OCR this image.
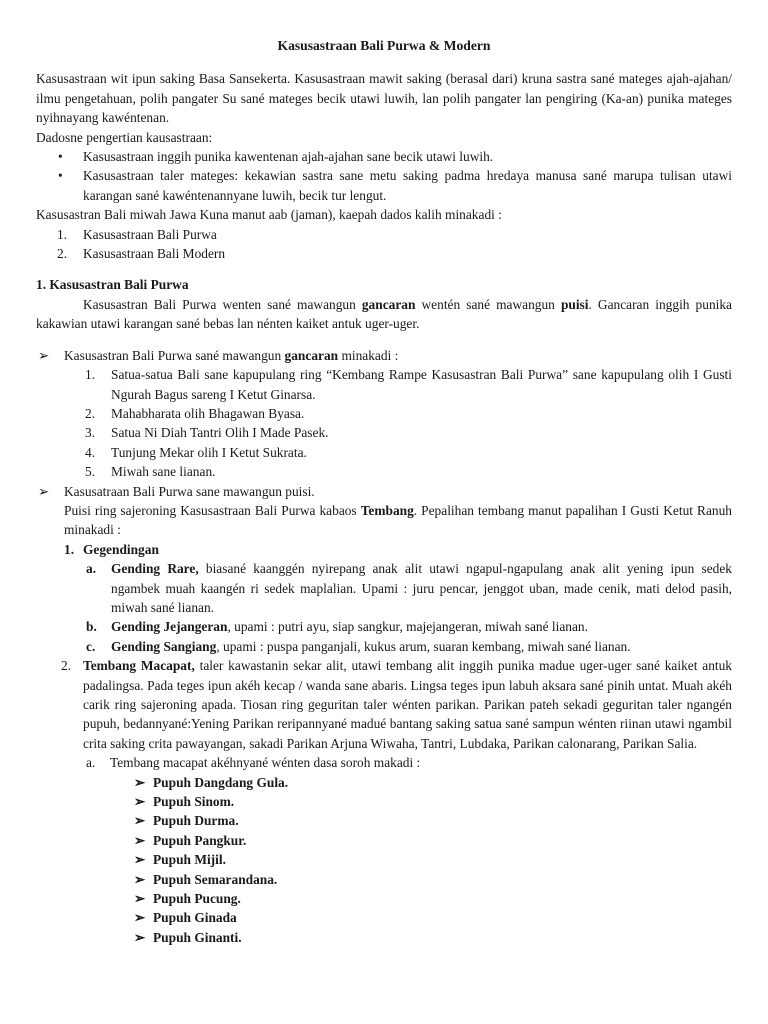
Kasusastraan Bali Purwa & Modern

Kasusastraan wit ipun saking Basa Sansekerta. Kasusastraan mawit saking (berasal dari) kruna sastra sané mateges ajah-ajahan/ ilmu pengetahuan, polih pangater Su sané mateges becik utawi luwih, lan polih pangater lan pengiring (Ka-an) punika mateges nyihnayang kawéntenan.

Dadosne pengertian kausastraan:

•	Kasusastraan inggih punika kawentenan ajah-ajahan sane becik utawi luwih.
•	Kasusastraan taler mateges: kekawian sastra sane metu saking padma hredaya manusa sané marupa tulisan utawi karangan sané kawéntenannyane luwih, becik tur lengut.

Kasusastran Bali miwah Jawa Kuna manut aab (jaman), kaepah dados kalih minakadi :

1.	Kasusastraan Bali Purwa
2.	Kasusastraan Bali Modern

1. Kasusastran Bali Purwa

Kasusastran Bali Purwa wenten sané mawangun gancaran wentén sané mawangun puisi. Gancaran inggih punika kakawian utawi karangan sané bebas lan nénten kaiket antuk uger-uger.

➢	Kasusastran Bali Purwa sané mawangun gancaran minakadi :
1.	Satua-satua Bali sane kapupulang ring “Kembang Rampe Kasusastran Bali Purwa” sane kapupulang olih I Gusti Ngurah Bagus sareng I Ketut Ginarsa.
2.	Mahabharata olih Bhagawan Byasa.
3.	Satua Ni Diah Tantri Olih I Made Pasek.
4.	Tunjung Mekar olih I Ketut Sukrata.
5.	Miwah sane lianan.
➢	Kasusatraan Bali Purwa sane mawangun puisi.

Puisi ring sajeroning Kasusastraan Bali Purwa kabaos Tembang. Pepalihan tembang manut papalihan I Gusti Ketut Ranuh minakadi :

1. Gegendingan
a.	Gending Rare, biasané kaanggén nyirepang anak alit utawi ngapul-ngapulang anak alit yening ipun sedek ngambek muah kaangén ri sedek maplalian. Upami : juru pencar, jenggot uban, made cenik, mati delod pasih, miwah sané lianan.
b.	Gending Jejangeran, upami : putri ayu, siap sangkur, majejangeran, miwah sané lianan.
c.	Gending Sangiang, upami : puspa panganjali, kukus arum, suaran kembang, miwah sané lianan.
2. Tembang Macapat, taler kawastanin sekar alit, utawi tembang alit inggih punika madue uger-uger sané kaiket antuk padalingsa. Pada teges ipun akéh kecap / wanda sane abaris. Lingsa teges ipun labuh aksara sané pinih untat. Muah akéh carik ring sajeroning apada. Tiosan ring geguritan taler wénten parikan. Parikan pateh sekadi geguritan taler ngangén pupuh, bedannyané:Yening Parikan reripannyané madué bantang saking satua sané sampun wénten riinan utawi ngambil crita saking crita pawayangan, sakadi Parikan Arjuna Wiwaha, Tantri, Lubdaka, Parikan calonarang, Parikan Salia.
a.	Tembang macapat akéhnyané wénten dasa soroh makadi :
➢ Pupuh Dangdang Gula.
➢ Pupuh Sinom.
➢ Pupuh Durma.
➢ Pupuh Pangkur.
➢ Pupuh Mijil.
➢ Pupuh Semarandana.
➢ Pupuh Pucung.
➢ Pupuh Ginada
➢ Pupuh Ginanti.
